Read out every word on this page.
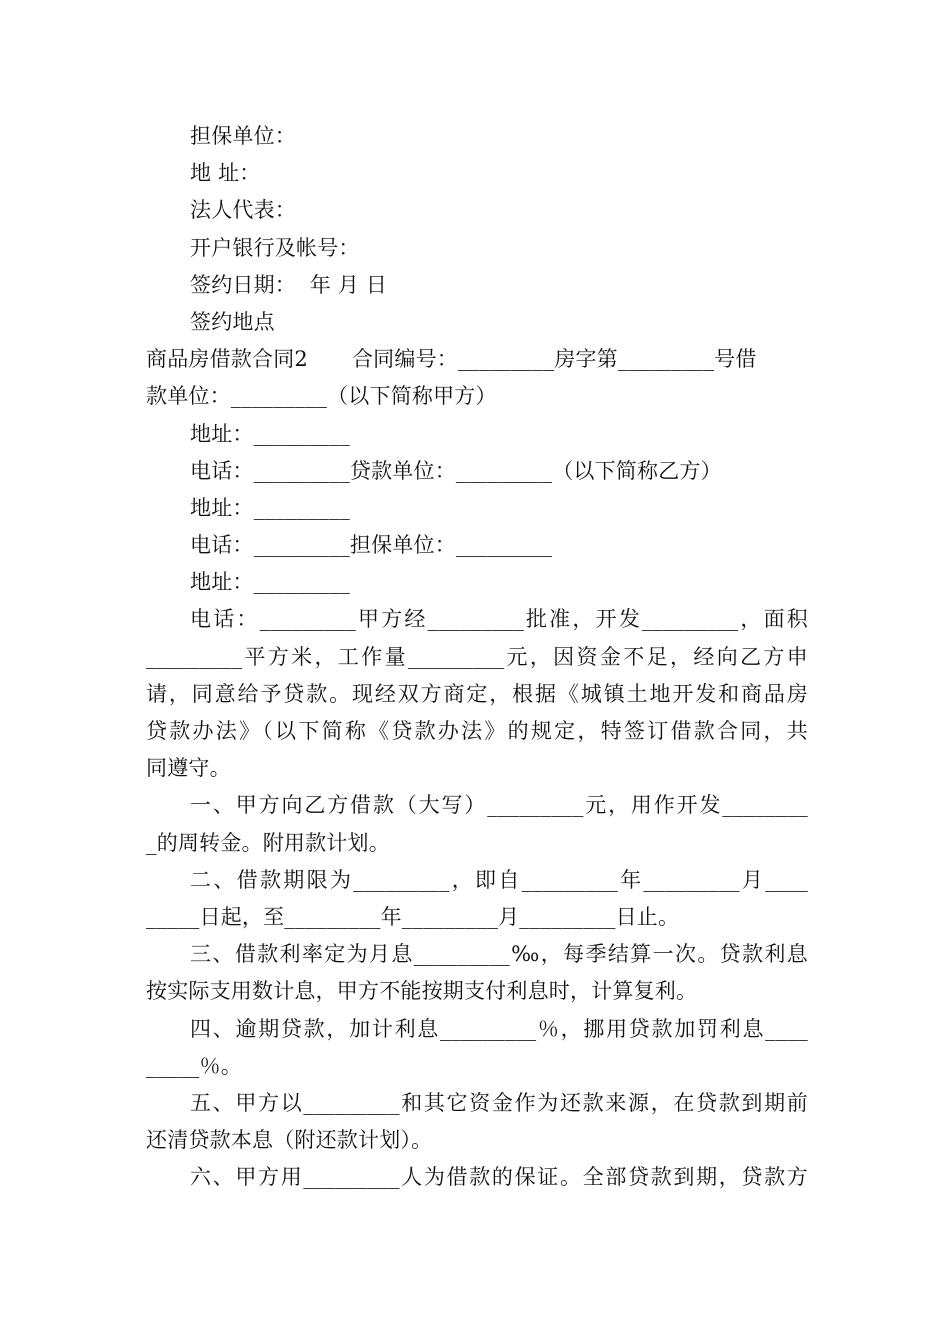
担保单位：
地 址：
法人代表：
开户银行及帐号：
签约日期：  年 月 日
签约地点
商品房借款合同2 合同编号：_________房字第_________号借
款单位：_________（以下简称甲方）
地址：_________
电话：_________贷款单位：_________（以下简称乙方）
地址：_________
电话：_________担保单位：_________
地址：_________
电话：_________甲方经_________批准，开发_________，面积
_________平方米，工作量_________元，因资金不足，经向乙方申
请，同意给予贷款。现经双方商定，根据《城镇土地开发和商品房
贷款办法》（以下简称《贷款办法》的规定，特签订借款合同，共
同遵守。
一、甲方向乙方借款（大写）_________元，用作开发________
_的周转金。附用款计划。
二、借款期限为_________，即自_________年_________月____
_____日起，至_________年_________月_________日止。
三、借款利率定为月息_________‰，每季结算一次。贷款利息
按实际支用数计息，甲方不能按期支付利息时，计算复利。
四、逾期贷款，加计利息_________％，挪用贷款加罚利息____
_____％。
五、甲方以_________和其它资金作为还款来源，在贷款到期前
还清贷款本息（附还款计划）。
六、甲方用_________人为借款的保证。全部贷款到期，贷款方
